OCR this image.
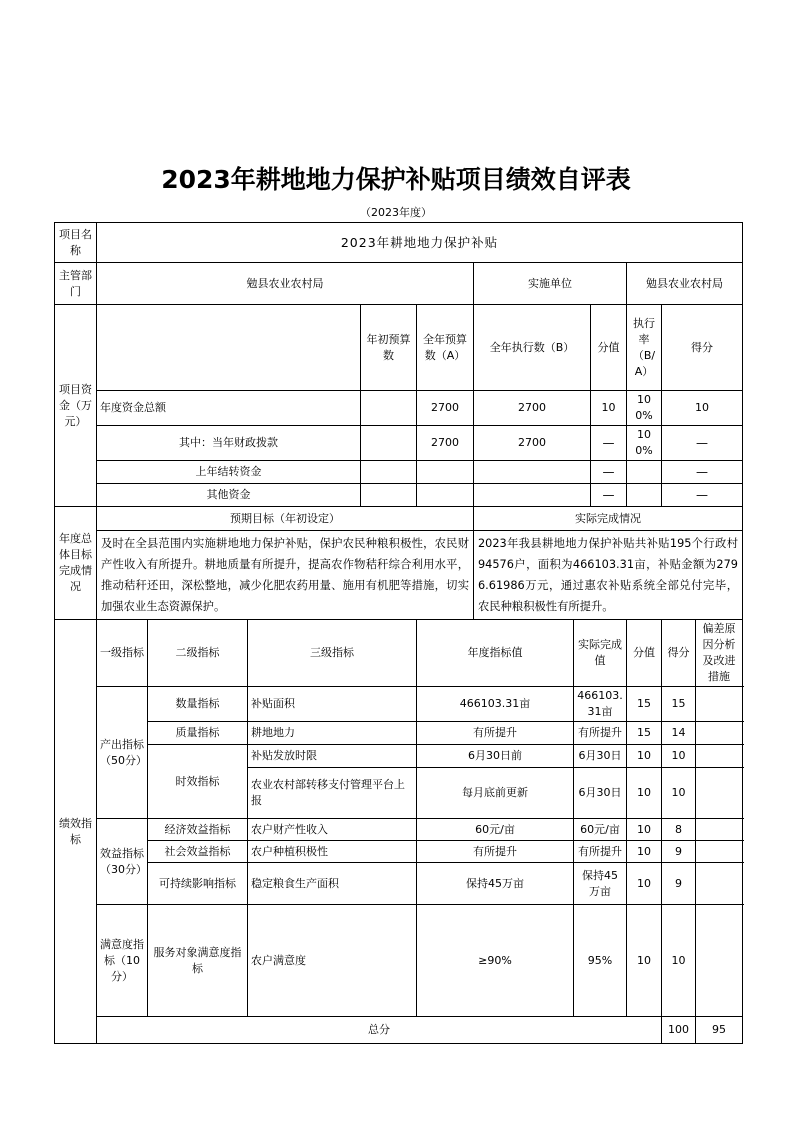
2023年耕地地力保护补贴项目绩效自评表
（2023年度）
项目名称	2023年耕地地力保护补贴											
主管部门	勉县农业农村局					实施单位			勉县农业农村局			
项目资金（万元）				年初预算数	全年预算数（A）	全年执行数（B）		分值	执行率（B/A）	得分		
	年度资金总额				2700	2700		10	100%	10		
	其中：当年财政拨款				2700	2700		—	100%	—		
	上年结转资金							—		—		
	其他资金							—		—		
年度总体目标完成情况	预期目标（年初设定）					实际完成情况						
	及时在全县范围内实施耕地地力保护补贴，保护农民种粮积极性，农民财产性收入有所提升。耕地质量有所提升，提高农作物秸秆综合利用水平，推动秸秆还田，深松整地，减少化肥农药用量、施用有机肥等措施，切实加强农业生态资源保护。					2023年我县耕地地力保护补贴共补贴195个行政村94576户，面积为466103.31亩，补贴金额为2796.61986万元，通过惠农补贴系统全部兑付完毕，农民种粮积极性有所提升。						
绩效指标	一级指标	二级指标	三级指标		年度指标值		实际完成值		分值	得分	偏差原因分析及改进措施	
	产出指标（50分）	数量指标	补贴面积		466103.31亩		466103.31亩		15	15		
		质量指标	耕地地力		有所提升		有所提升		15	14		
		时效指标	补贴发放时限		6月30日前		6月30日		10	10		
			农业农村部转移支付管理平台上报		每月底前更新		6月30日		10	10		
	效益指标（30分）	经济效益指标	农户财产性收入		60元/亩		60元/亩		10	8		
		社会效益指标	农户种植积极性		有所提升		有所提升		10	9		
		可持续影响指标	稳定粮食生产面积		保持45万亩		保持45万亩		10	9		
	满意度指标（10分）	服务对象满意度指标	农户满意度		≥90%		95%		10	10		
	总分									100	95	
